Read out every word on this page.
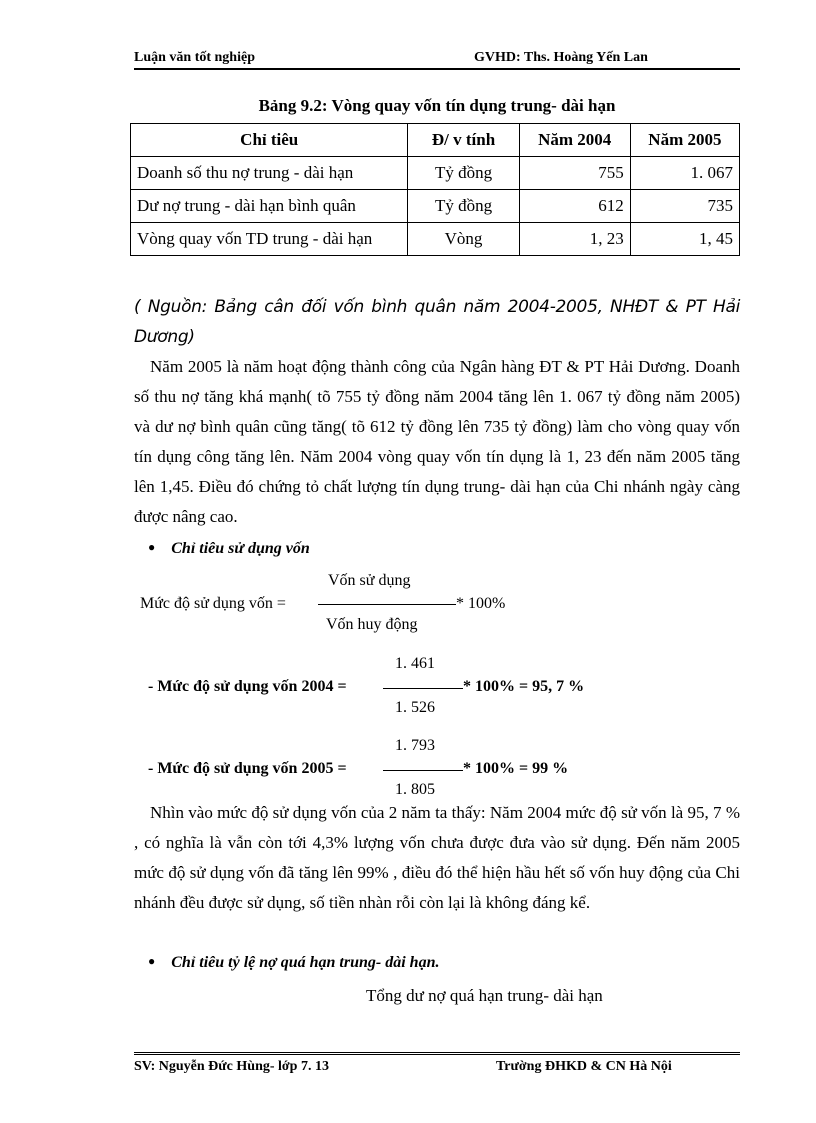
Luận văn tốt nghiệp	GVHD: Ths. Hoàng Yến Lan
Bảng 9.2: Vòng quay vốn tín dụng trung- dài hạn
Chỉ tiêu	Đ/ v tính	Năm 2004	Năm 2005
Doanh số thu nợ trung - dài hạn	Tỷ đồng	755	1. 067
Dư nợ trung - dài hạn bình quân	Tỷ đồng	612	735
Vòng quay vốn TD trung - dài hạn	Vòng	1, 23	1, 45
( Nguồn: Bảng cân đối vốn bình quân năm 2004-2005, NHĐT & PT Hải Dương)
Năm 2005 là năm hoạt động thành công của Ngân hàng ĐT & PT Hải Dương. Doanh số thu nợ tăng khá mạnh( tõ 755 tỷ đồng năm 2004 tăng lên 1. 067 tỷ đồng năm 2005) và dư nợ bình quân cũng tăng( tõ 612 tỷ đồng lên 735 tỷ đồng) làm cho vòng quay vốn tín dụng công tăng lên. Năm 2004 vòng quay vốn tín dụng là 1, 23 đến năm 2005 tăng lên 1,45. Điều đó chứng tỏ chất lượng tín dụng trung- dài hạn của Chi nhánh ngày càng được nâng cao.
● Chỉ tiêu sử dụng vốn
Vốn sử dụng
Mức độ sử dụng vốn =	* 100%
Vốn huy động
1. 461
- Mức độ sử dụng vốn 2004 =	* 100% = 95, 7 %
1. 526
1. 793
- Mức độ sử dụng vốn 2005 =	* 100% = 99 %
1. 805
Nhìn vào mức độ sử dụng vốn của 2 năm ta thấy: Năm 2004 mức độ sử vốn là 95, 7 % , có nghĩa là vẫn còn tới 4,3% lượng vốn chưa được đưa vào sử dụng. Đến năm 2005 mức độ sử dụng vốn đã tăng lên 99% , điều đó thể hiện hầu hết số vốn huy động của Chi nhánh đều được sử dụng, số tiền nhàn rỗi còn lại là không đáng kể.
● Chỉ tiêu tỷ lệ nợ quá hạn trung- dài hạn.
Tổng dư nợ quá hạn trung- dài hạn
SV: Nguyễn Đức Hùng- lớp 7. 13	Trường ĐHKD & CN Hà Nội
